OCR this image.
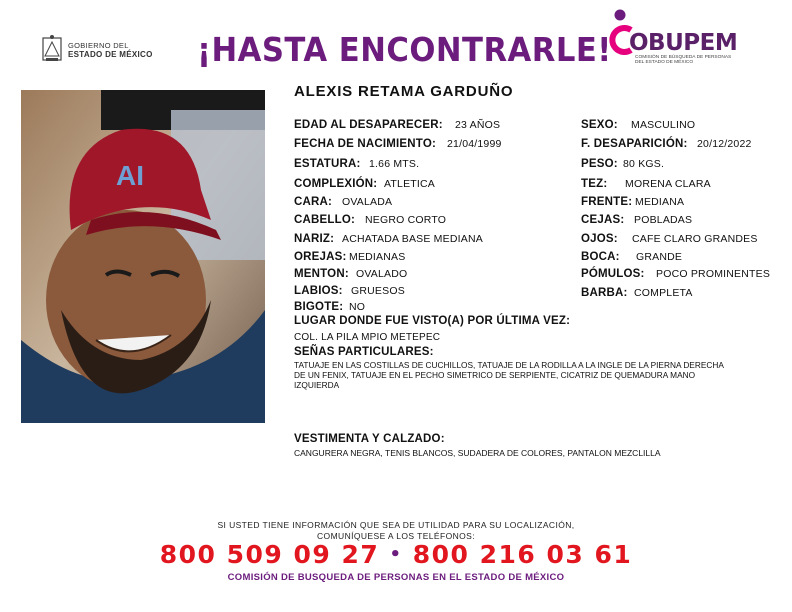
GOBIERNO DEL
ESTADO DE MÉXICO ¡HASTA ENCONTRARLE! OBUPEM
COMISIÓN DE BÚSQUEDA DE PERSONAS
DEL ESTADO DE MÉXICO
AI
ALEXIS RETAMA GARDUÑO
EDAD AL DESAPARECER: 23 AÑOS
FECHA DE NACIMIENTO: 21/04/1999
ESTATURA: 1.66 MTS.
COMPLEXIÓN: ATLETICA
CARA: OVALADA
CABELLO: NEGRO CORTO
NARIZ: ACHATADA BASE MEDIANA
OREJAS: MEDIANAS
MENTON: OVALADO
LABIOS: GRUESOS
BIGOTE: NO
SEXO: MASCULINO
F. DESAPARICIÓN: 20/12/2022
PESO: 80 KGS.
TEZ: MORENA CLARA
FRENTE: MEDIANA
CEJAS: POBLADAS
OJOS: CAFE CLARO GRANDES
BOCA: GRANDE
PÓMULOS: POCO PROMINENTES
BARBA: COMPLETA
LUGAR DONDE FUE VISTO(A) POR ÚLTIMA VEZ:
COL. LA PILA MPIO METEPEC
SEÑAS PARTICULARES:
TATUAJE EN LAS COSTILLAS DE CUCHILLOS, TATUAJE DE LA RODILLA A LA INGLE DE LA PIERNA DERECHA
DE UN FENIX, TATUAJE EN EL PECHO SIMETRICO DE SERPIENTE, CICATRIZ DE QUEMADURA MANO
IZQUIERDA
VESTIMENTA Y CALZADO:
CANGURERA NEGRA, TENIS BLANCOS, SUDADERA DE COLORES, PANTALON MEZCLILLA
SI USTED TIENE INFORMACIÓN QUE SEA DE UTILIDAD PARA SU LOCALIZACIÓN,
COMUNÍQUESE A LOS TELÉFONOS:
800 509 09 27 • 800 216 03 61
COMISIÓN DE BUSQUEDA DE PERSONAS EN EL ESTADO DE MÉXICO
